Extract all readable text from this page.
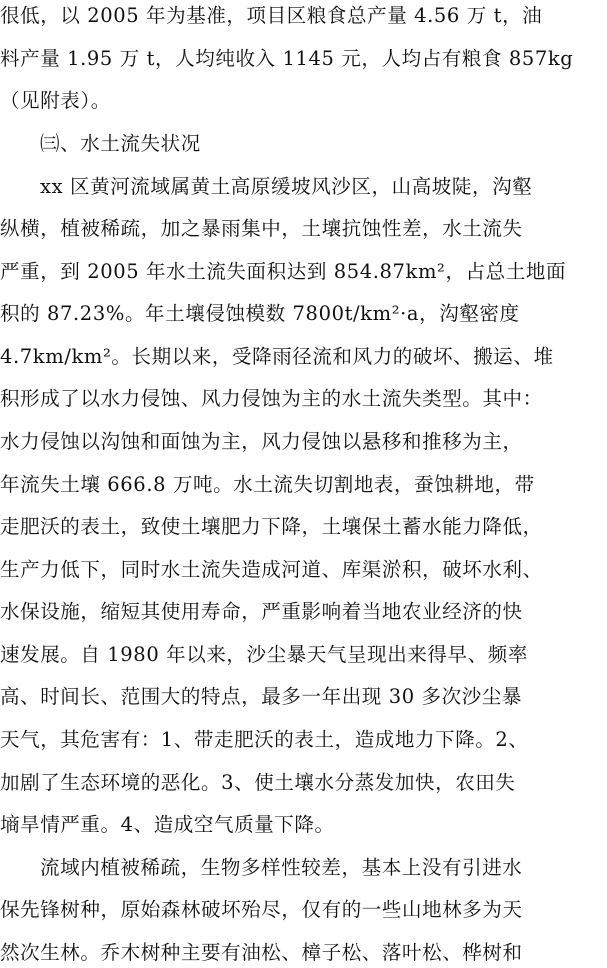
很低，以 2005 年为基准，项目区粮食总产量 4.56 万 t，油
料产量 1.95 万 t，人均纯收入 1145 元，人均占有粮食 857kg
（见附表）。
㈢、水土流失状况
xx 区黄河流域属黄土高原缓坡风沙区，山高坡陡，沟壑
纵横，植被稀疏，加之暴雨集中，土壤抗蚀性差，水土流失
严重，到 2005 年水土流失面积达到 854.87km²，占总土地面
积的 87.23%。年土壤侵蚀模数 7800t/km²·a，沟壑密度
4.7km/km²。长期以来，受降雨径流和风力的破坏、搬运、堆
积形成了以水力侵蚀、风力侵蚀为主的水土流失类型。其中：
水力侵蚀以沟蚀和面蚀为主，风力侵蚀以悬移和推移为主，
年流失土壤 666.8 万吨。水土流失切割地表，蚕蚀耕地，带
走肥沃的表土，致使土壤肥力下降，土壤保土蓄水能力降低，
生产力低下，同时水土流失造成河道、库渠淤积，破坏水利、
水保设施，缩短其使用寿命，严重影响着当地农业经济的快
速发展。自 1980 年以来，沙尘暴天气呈现出来得早、频率
高、时间长、范围大的特点，最多一年出现 30 多次沙尘暴
天气，其危害有：1、带走肥沃的表土，造成地力下降。2、
加剧了生态环境的恶化。3、使土壤水分蒸发加快，农田失
墒旱情严重。4、造成空气质量下降。
流域内植被稀疏，生物多样性较差，基本上没有引进水
保先锋树种，原始森林破坏殆尽，仅有的一些山地林多为天
然次生林。乔木树种主要有油松、樟子松、落叶松、桦树和
